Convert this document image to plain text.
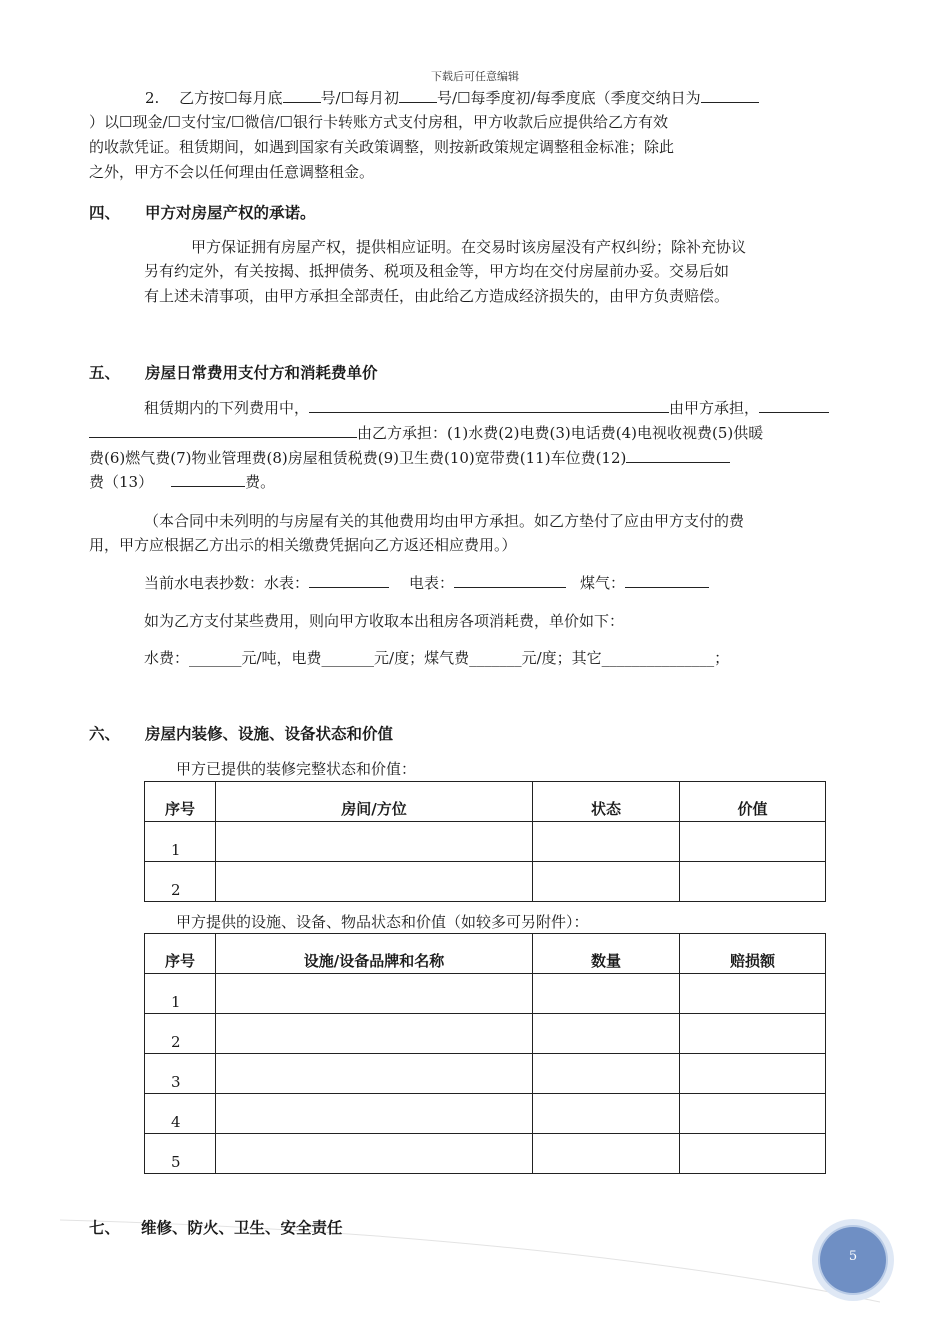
下载后可任意编辑
2.　 乙方按☐每月底	号/☐每月初	号/☐每季度初/每季度底（季度交纳日为
）以☐现金/☐支付宝/☐微信/☐银行卡转账方式支付房租，甲方收款后应提供给乙方有效
的收款凭证。租赁期间，如遇到国家有关政策调整，则按新政策规定调整租金标准；除此
之外，甲方不会以任何理由任意调整租金。
四、 甲方对房屋产权的承诺。
甲方保证拥有房屋产权，提供相应证明。在交易时该房屋没有产权纠纷；除补充协议
另有约定外，有关按揭、抵押债务、税项及租金等，甲方均在交付房屋前办妥。交易后如
有上述未清事项，由甲方承担全部责任，由此给乙方造成经济损失的，由甲方负责赔偿。
五、 房屋日常费用支付方和消耗费单价
租赁期内的下列费用中，	由甲方承担，
由乙方承担：(1)水费(2)电费(3)电话费(4)电视收视费(5)供暖
费(6)燃气费(7)物业管理费(8)房屋租赁税费(9)卫生费(10)宽带费(11)车位费(12)
费（13）	费。
（本合同中未列明的与房屋有关的其他费用均由甲方承担。如乙方垫付了应由甲方支付的费
用，甲方应根据乙方出示的相关缴费凭据向乙方返还相应费用。）
当前水电表抄数：水表：	电表：	煤气：
如为乙方支付某些费用，则向甲方收取本出租房各项消耗费，单价如下：
水费：_______元/吨，电费_______元/度；煤气费_______元/度；其它_______________；
六、 房屋内装修、设施、设备状态和价值
甲方已提供的装修完整状态和价值：
序号	房间/方位	状态	价值
1			
2			
甲方提供的设施、设备、物品状态和价值（如较多可另附件）：
序号	设施/设备品牌和名称	数量	赔损额
1			
2			
3			
4			
5			
七、 维修、防火、卫生、安全责任
5
